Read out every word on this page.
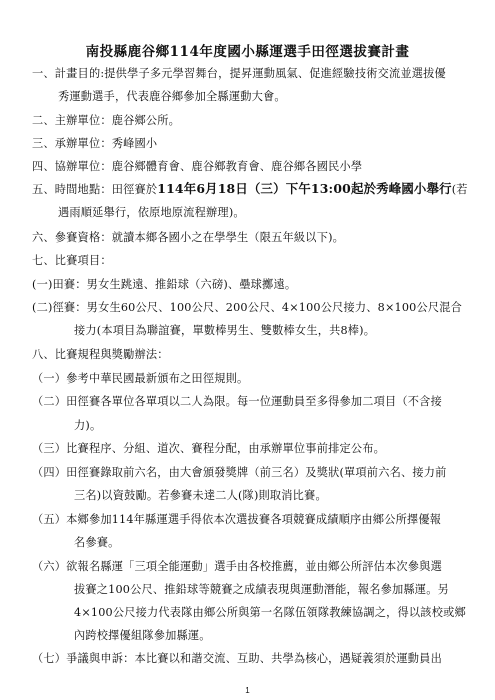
南投縣鹿谷鄉114年度國小縣運選手田徑選拔賽計畫
一、計畫目的:提供學子多元學習舞台，提昇運動風氣、促進經驗技術交流並選拔優
秀運動選手，代表鹿谷鄉參加全縣運動大會。
二、主辦單位：鹿谷鄉公所。
三、承辦單位：秀峰國小
四、協辦單位：鹿谷鄉體育會、鹿谷鄉教育會、鹿谷鄉各國民小學
五、時間地點：田徑賽於114年6月18日（三）下午13:00起於秀峰國小舉行(若
遇雨順延舉行，依原地原流程辦理)。
六、參賽資格：就讀本鄉各國小之在學學生（限五年級以下)。
七、比賽項目：
(一)田賽：男女生跳遠、推鉛球（六磅)、壘球擲遠。
(二)徑賽：男女生60公尺、100公尺、200公尺、4×100公尺接力、8×100公尺混合
接力(本項目為聯誼賽，單數棒男生、雙數棒女生，共8棒)。
八、比賽規程與獎勵辦法：
（一）參考中華民國最新頒布之田徑規則。
（二）田徑賽各單位各單項以二人為限。每一位運動員至多得參加二項目（不含接
力)。
（三）比賽程序、分組、道次、賽程分配，由承辦單位事前排定公布。
（四）田徑賽錄取前六名，由大會頒發獎牌（前三名）及獎狀(單項前六名、接力前
三名)以資鼓勵。若參賽未達二人(隊)則取消比賽。
（五）本鄉參加114年縣運選手得依本次選拔賽各項競賽成績順序由鄉公所擇優報
名參賽。
（六）欲報名縣運「三項全能運動」選手由各校推薦，並由鄉公所評估本次參與選
拔賽之100公尺、推鉛球等競賽之成績表現與運動潛能，報名參加縣運。另
4×100公尺接力代表隊由鄉公所與第一名隊伍領隊教練協調之，得以該校或鄉
內跨校擇優組隊參加縣運。
（七）爭議與申訴：本比賽以和諧交流、互助、共學為核心，遇疑義須於運動員出
1
